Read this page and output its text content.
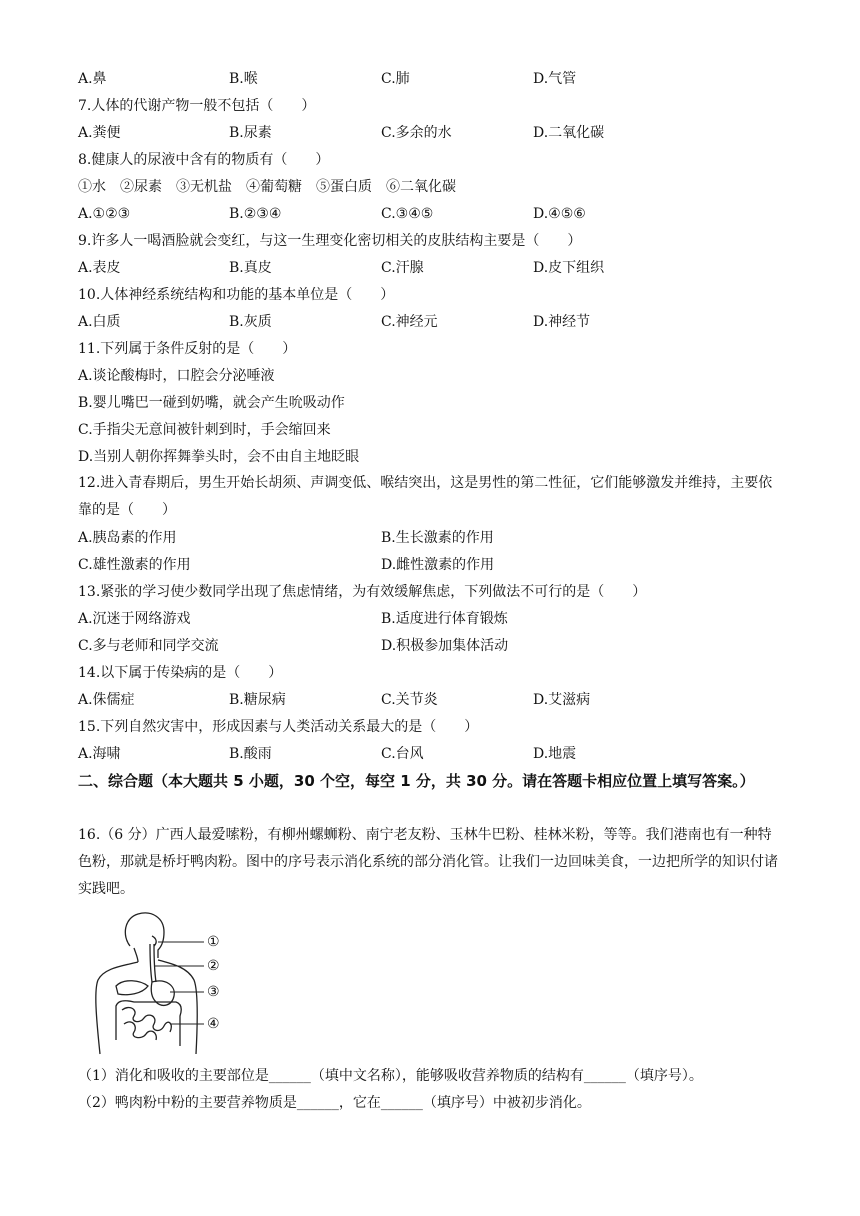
A.鼻	B.喉	C.肺	D.气管
7.人体的代谢产物一般不包括（　　）
A.粪便	B.尿素	C.多余的水	D.二氧化碳
8.健康人的尿液中含有的物质有（　　）
①水　②尿素　③无机盐　④葡萄糖　⑤蛋白质　⑥二氧化碳
A.①②③	B.②③④	C.③④⑤	D.④⑤⑥
9.许多人一喝酒脸就会变红，与这一生理变化密切相关的皮肤结构主要是（　　）
A.表皮	B.真皮	C.汗腺	D.皮下组织
10.人体神经系统结构和功能的基本单位是（　　）
A.白质	B.灰质	C.神经元	D.神经节
11.下列属于条件反射的是（　　）
A.谈论酸梅时，口腔会分泌唾液
B.婴儿嘴巴一碰到奶嘴，就会产生吮吸动作
C.手指尖无意间被针刺到时，手会缩回来
D.当别人朝你挥舞拳头时，会不由自主地眨眼
12.进入青春期后，男生开始长胡须、声调变低、喉结突出，这是男性的第二性征，它们能够激发并维持，主要依靠的是（　　）
A.胰岛素的作用	B.生长激素的作用
C.雄性激素的作用	D.雌性激素的作用
13.紧张的学习使少数同学出现了焦虑情绪，为有效缓解焦虑，下列做法不可行的是（　　）
A.沉迷于网络游戏	B.适度进行体育锻炼
C.多与老师和同学交流	D.积极参加集体活动
14.以下属于传染病的是（　　）
A.侏儒症	B.糖尿病	C.关节炎	D.艾滋病
15.下列自然灾害中，形成因素与人类活动关系最大的是（　　）
A.海啸	B.酸雨	C.台风	D.地震
二、综合题（本大题共 5 小题，30 个空，每空 1 分，共 30 分。请在答题卡相应位置上填写答案。）
16.（6 分）广西人最爱嗦粉，有柳州螺蛳粉、南宁老友粉、玉林牛巴粉、桂林米粉，等等。我们港南也有一种特色粉，那就是桥圩鸭肉粉。图中的序号表示消化系统的部分消化管。让我们一边回味美食，一边把所学的知识付诸实践吧。
①
②
③
④
（1）消化和吸收的主要部位是______（填中文名称），能够吸收营养物质的结构有______（填序号）。
（2）鸭肉粉中粉的主要营养物质是______，它在______（填序号）中被初步消化。
